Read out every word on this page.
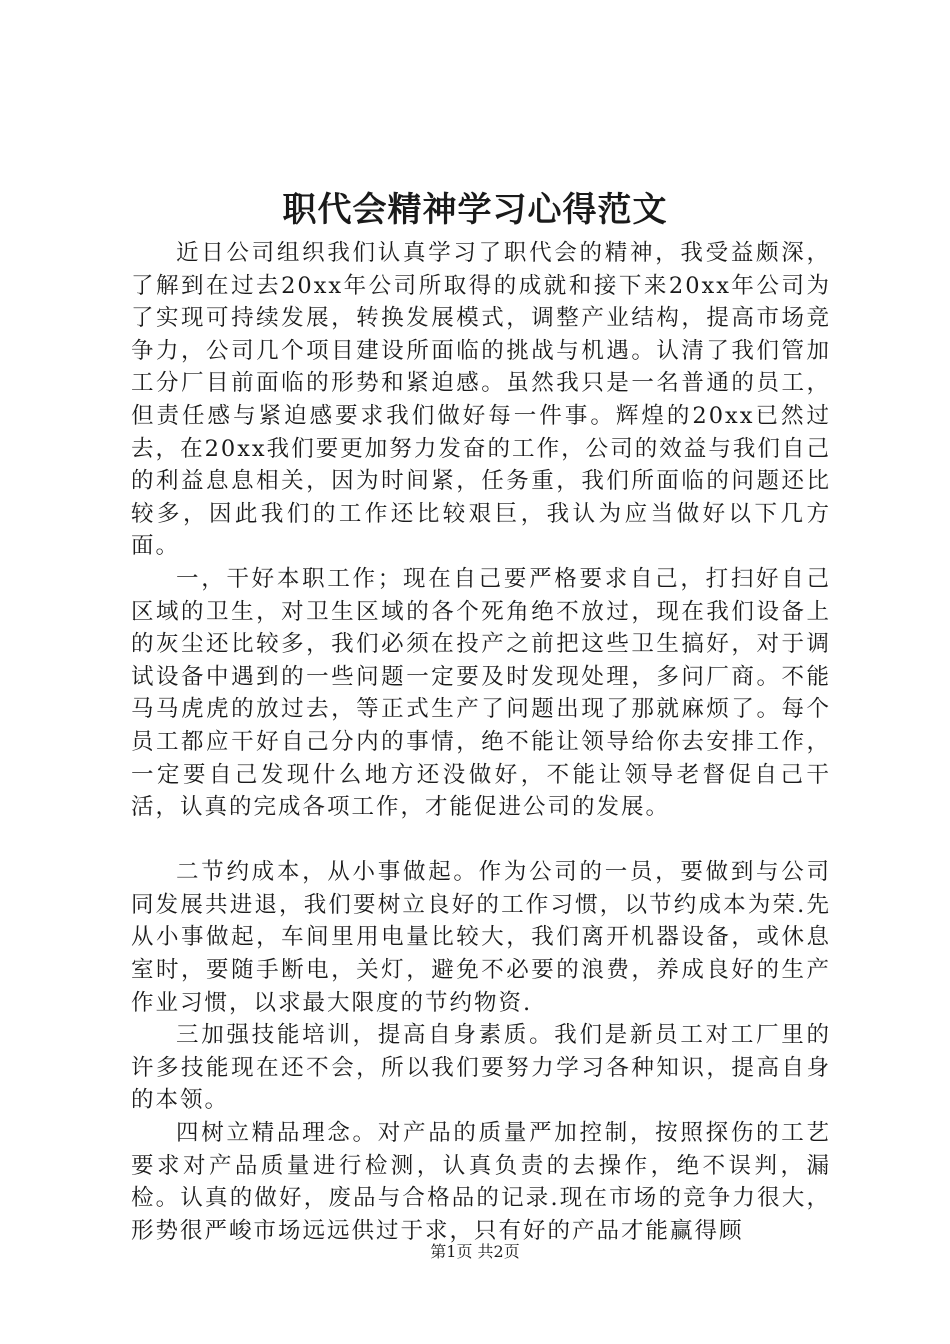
职代会精神学习心得范文

近日公司组织我们认真学习了职代会的精神，我受益颇深，了解到在过去20xx年公司所取得的成就和接下来20xx年公司为了实现可持续发展，转换发展模式，调整产业结构，提高市场竞争力，公司几个项目建设所面临的挑战与机遇。认清了我们管加工分厂目前面临的形势和紧迫感。虽然我只是一名普通的员工，但责任感与紧迫感要求我们做好每一件事。辉煌的20xx已然过去，在20xx我们要更加努力发奋的工作，公司的效益与我们自己的利益息息相关，因为时间紧，任务重，我们所面临的问题还比较多，因此我们的工作还比较艰巨，我认为应当做好以下几方面。

一，干好本职工作；现在自己要严格要求自己，打扫好自己区域的卫生，对卫生区域的各个死角绝不放过，现在我们设备上的灰尘还比较多，我们必须在投产之前把这些卫生搞好，对于调试设备中遇到的一些问题一定要及时发现处理，多问厂商。不能马马虎虎的放过去，等正式生产了问题出现了那就麻烦了。每个员工都应干好自己分内的事情，绝不能让领导给你去安排工作，一定要自己发现什么地方还没做好，不能让领导老督促自己干活，认真的完成各项工作，才能促进公司的发展。

二节约成本，从小事做起。作为公司的一员，要做到与公司同发展共进退，我们要树立良好的工作习惯，以节约成本为荣.先从小事做起，车间里用电量比较大，我们离开机器设备，或休息室时，要随手断电，关灯，避免不必要的浪费，养成良好的生产作业习惯，以求最大限度的节约物资.

三加强技能培训，提高自身素质。我们是新员工对工厂里的许多技能现在还不会，所以我们要努力学习各种知识，提高自身的本领。

四树立精品理念。对产品的质量严加控制，按照探伤的工艺要求对产品质量进行检测，认真负责的去操作，绝不误判，漏检。认真的做好，废品与合格品的记录.现在市场的竞争力很大，形势很严峻市场远远供过于求，只有好的产品才能赢得顾

第1页 共2页
